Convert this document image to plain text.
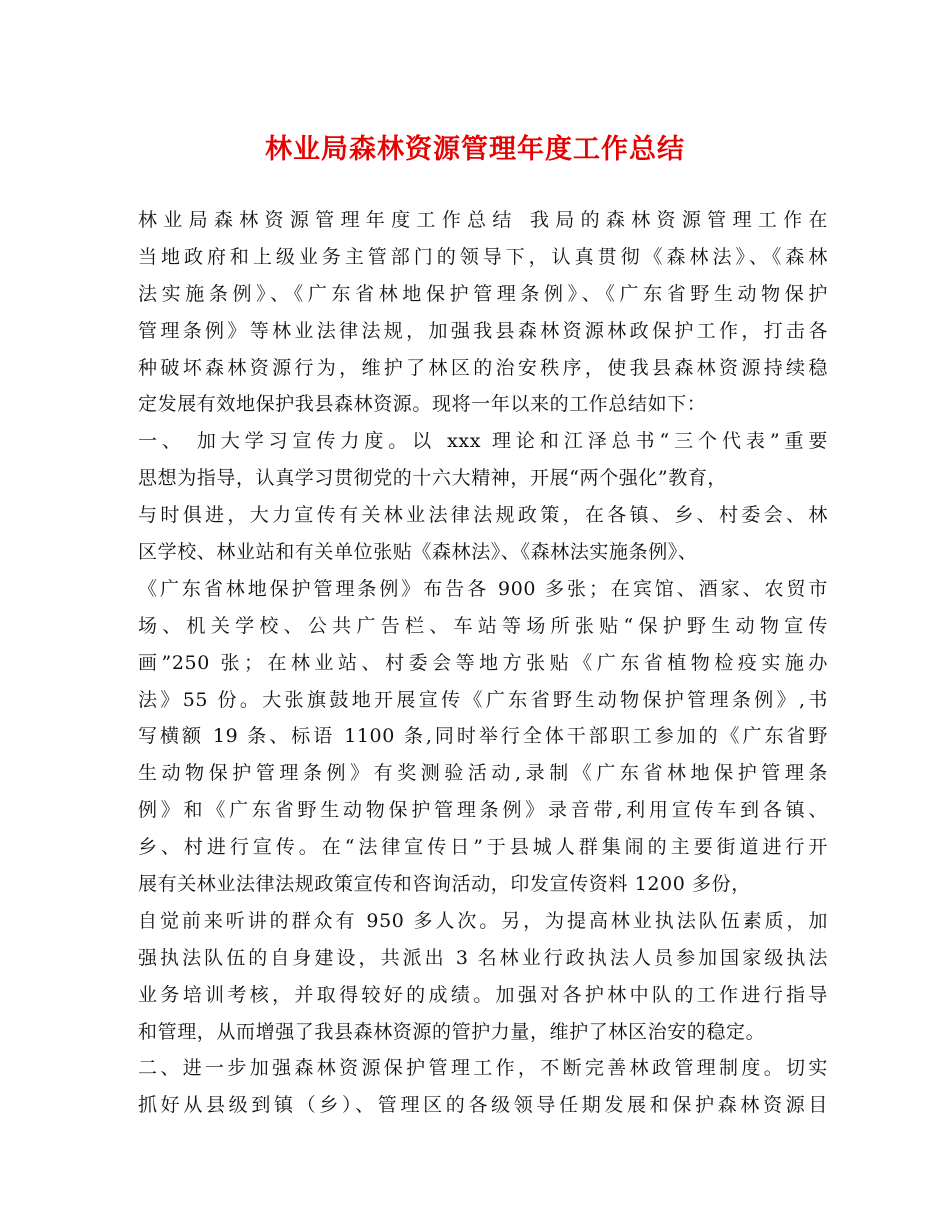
林业局森林资源管理年度工作总结
林业局森林资源管理年度工作总结 我局的森林资源管理工作在
当地政府和上级业务主管部门的领导下，认真贯彻《森林法》、《森林
法实施条例》、《广东省林地保护管理条例》、《广东省野生动物保护
管理条例》等林业法律法规，加强我县森林资源林政保护工作，打击各
种破坏森林资源行为，维护了林区的治安秩序，使我县森林资源持续稳
定发展有效地保护我县森林资源。现将一年以来的工作总结如下：
一、 加大学习宣传力度。以 xxx 理论和江泽总书“三个代表”重要
思想为指导，认真学习贯彻党的十六大精神，开展“两个强化”教育，
与时俱进，大力宣传有关林业法律法规政策，在各镇、乡、村委会、林
区学校、林业站和有关单位张贴《森林法》、《森林法实施条例》、
《广东省林地保护管理条例》布告各 900 多张；在宾馆、酒家、农贸市
场、机关学校、公共广告栏、车站等场所张贴“保护野生动物宣传
画”250 张；在林业站、村委会等地方张贴《广东省植物检疫实施办
法》55 份。大张旗鼓地开展宣传《广东省野生动物保护管理条例》,书
写横额 19 条、标语 1100 条,同时举行全体干部职工参加的《广东省野
生动物保护管理条例》有奖测验活动,录制《广东省林地保护管理条
例》和《广东省野生动物保护管理条例》录音带,利用宣传车到各镇、
乡、村进行宣传。在“法律宣传日”于县城人群集闹的主要街道进行开
展有关林业法律法规政策宣传和咨询活动，印发宣传资料 1200 多份，
自觉前来听讲的群众有 950 多人次。另，为提高林业执法队伍素质，加
强执法队伍的自身建设，共派出 3 名林业行政执法人员参加国家级执法
业务培训考核，并取得较好的成绩。加强对各护林中队的工作进行指导
和管理，从而增强了我县森林资源的管护力量，维护了林区治安的稳定。
二、进一步加强森林资源保护管理工作，不断完善林政管理制度。切实
抓好从县级到镇（乡）、管理区的各级领导任期发展和保护森林资源目
